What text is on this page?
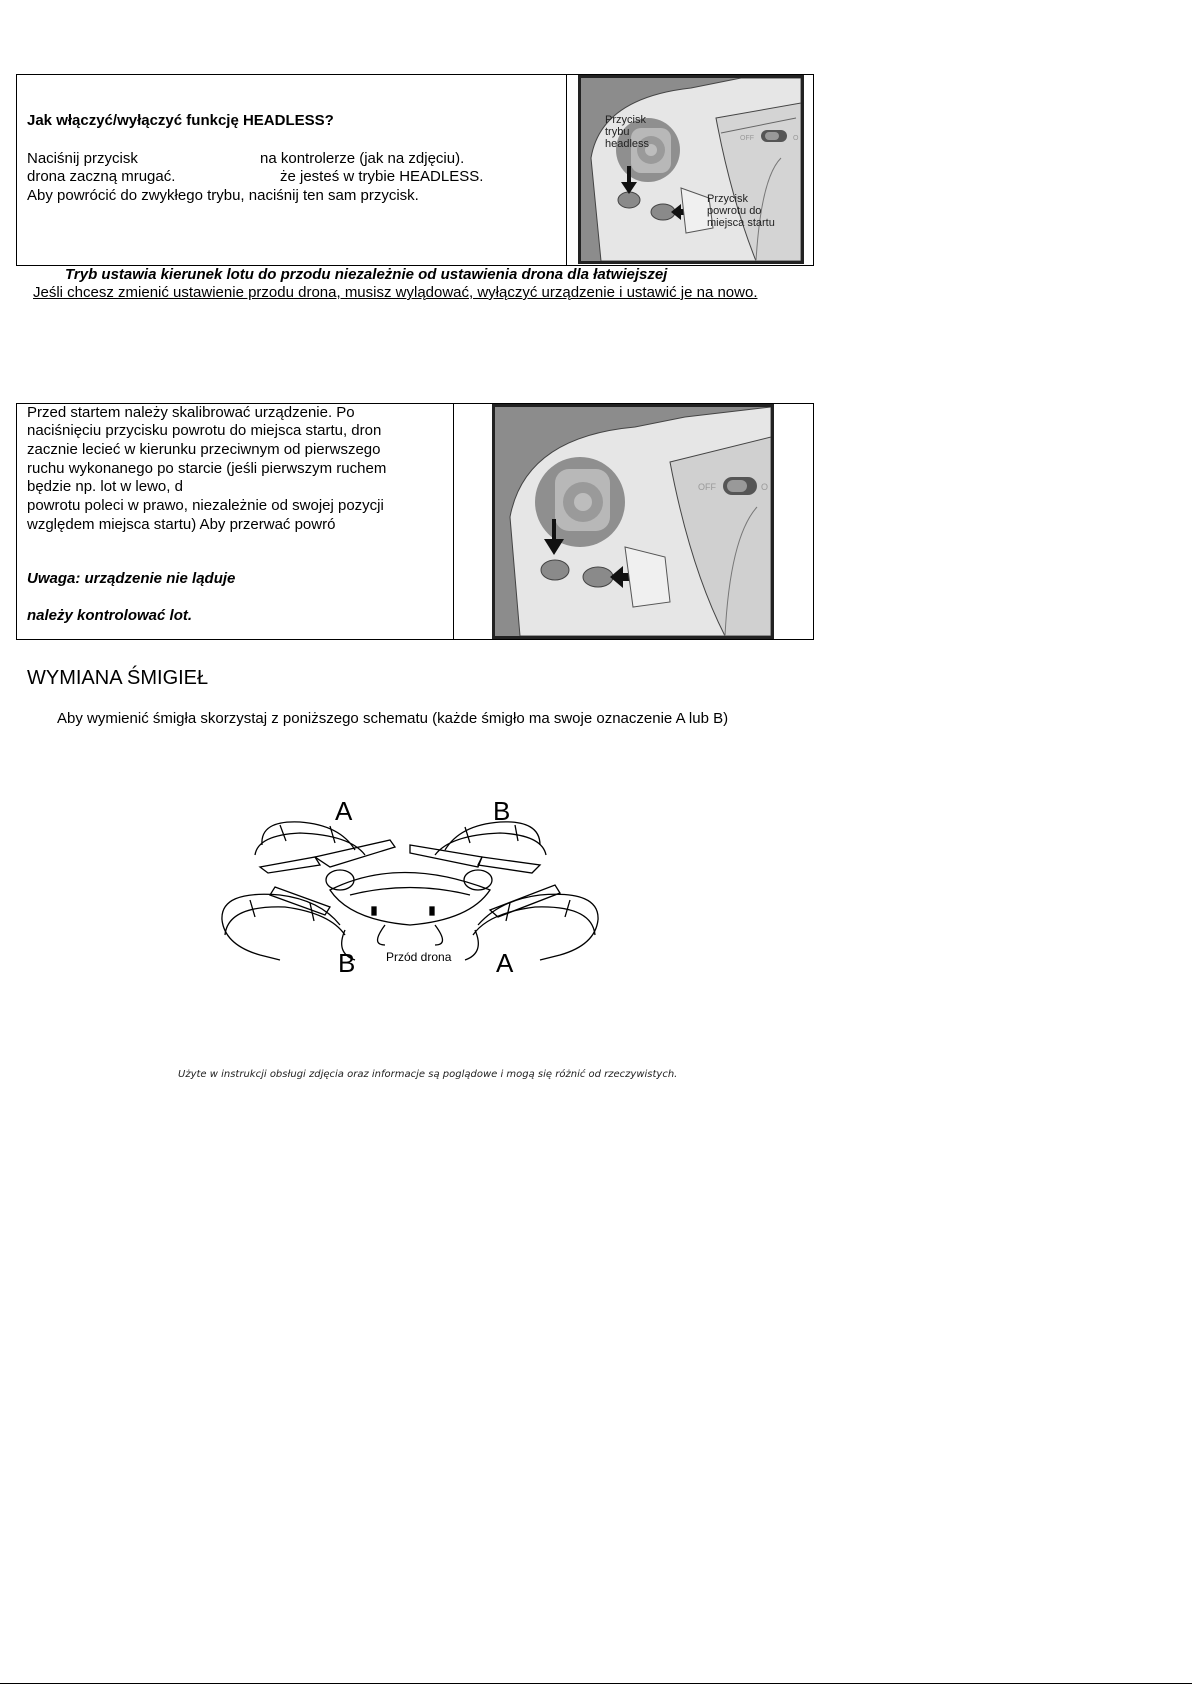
Jak włączyć/wyłączyć funkcję HEADLESS?
Naciśnij przycisk	na kontrolerze (jak na zdjęciu).
drona zaczną mrugać.	że jesteś w trybie HEADLESS.
Aby powrócić do zwykłego trybu, naciśnij ten sam przycisk.
OFF	O
Przycisk
trybu
headless
Przycisk
powrotu do
miejsca startu
Tryb ustawia kierunek lotu do przodu niezależnie od ustawienia drona dla łatwiejszej
Jeśli chcesz zmienić ustawienie przodu drona, musisz wylądować, wyłączyć urządzenie i ustawić je na nowo.
Przed startem należy skalibrować urządzenie. Po
naciśnięciu przycisku powrotu do miejsca startu, dron
zacznie lecieć w kierunku przeciwnym od pierwszego
ruchu wykonanego po starcie (jeśli pierwszym ruchem
będzie np. lot w lewo, d
powrotu poleci w prawo, niezależnie od swojej pozycji
względem miejsca startu) Aby przerwać powró
Uwaga: urządzenie nie ląduje
należy kontrolować lot.
OFF	O
WYMIANA ŚMIGIEŁ
Aby wymienić śmigła skorzystaj z poniższego schematu (każde śmigło ma swoje oznaczenie A lub B)
A	B
B	A
Przód drona
Użyte w instrukcji obsługi zdjęcia oraz informacje są poglądowe i mogą się różnić od rzeczywistych.
